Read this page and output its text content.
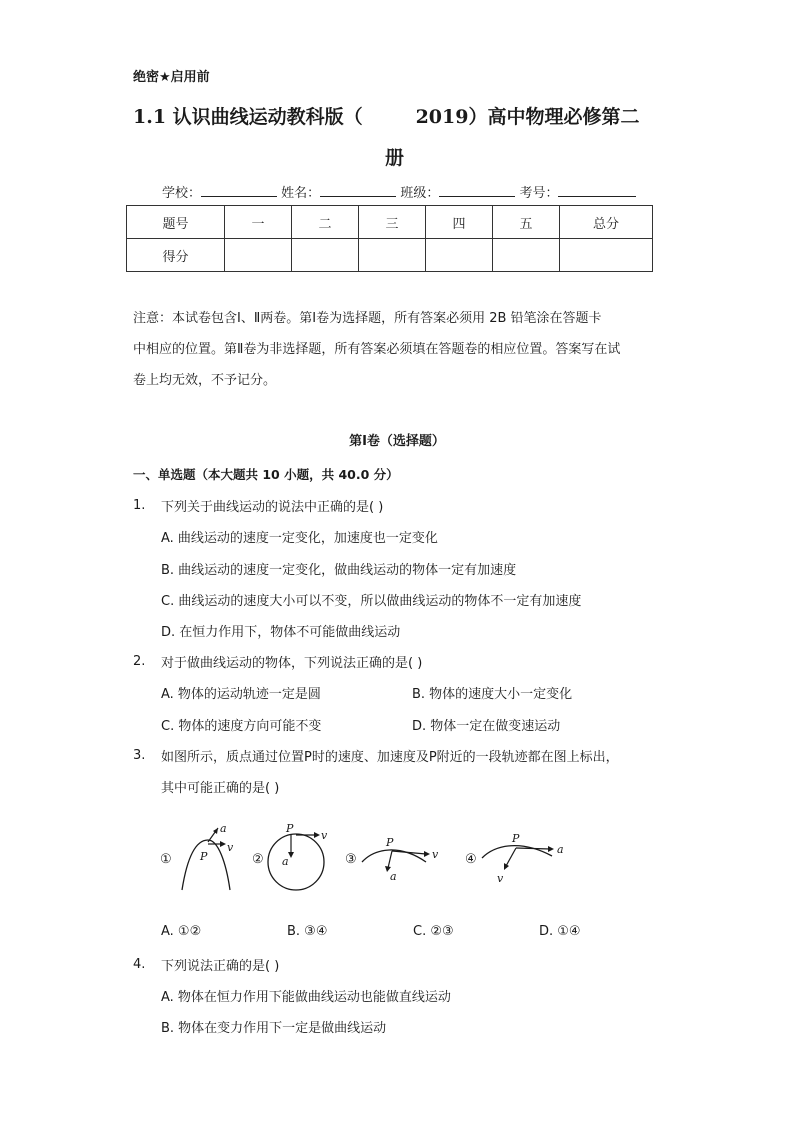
绝密★启用前
1.1 认识曲线运动教科版（        2019）高中物理必修第二
册
学校：	姓名：	班级：	考号：
题号	一	二	三	四	五	总分
得分						
注意：本试卷包含Ⅰ、Ⅱ两卷。第Ⅰ卷为选择题，所有答案必须用 2B 铅笔涂在答题卡
中相应的位置。第Ⅱ卷为非选择题，所有答案必须填在答题卷的相应位置。答案写在试
卷上均无效，不予记分。
第Ⅰ卷（选择题）
一、单选题（本大题共 10 小题，共 40.0 分）
1. 下列关于曲线运动的说法中正确的是( )
A. 曲线运动的速度一定变化，加速度也一定变化
B. 曲线运动的速度一定变化，做曲线运动的物体一定有加速度
C. 曲线运动的速度大小可以不变，所以做曲线运动的物体不一定有加速度
D. 在恒力作用下，物体不可能做曲线运动
2. 对于做曲线运动的物体，下列说法正确的是( )
A. 物体的运动轨迹一定是圆	B. 物体的速度大小一定变化
C. 物体的速度方向可能不变	D. 物体一定在做变速运动
3. 如图所示，质点通过位置P时的速度、加速度及P附近的一段轨迹都在图上标出，
其中可能正确的是( )
①	P
a
v
②
P
v
a	③
P
v
a
④
P
a
v
A. ①②	B. ③④	C. ②③	D. ①④
4. 下列说法正确的是( )
A. 物体在恒力作用下能做曲线运动也能做直线运动
B. 物体在变力作用下一定是做曲线运动
